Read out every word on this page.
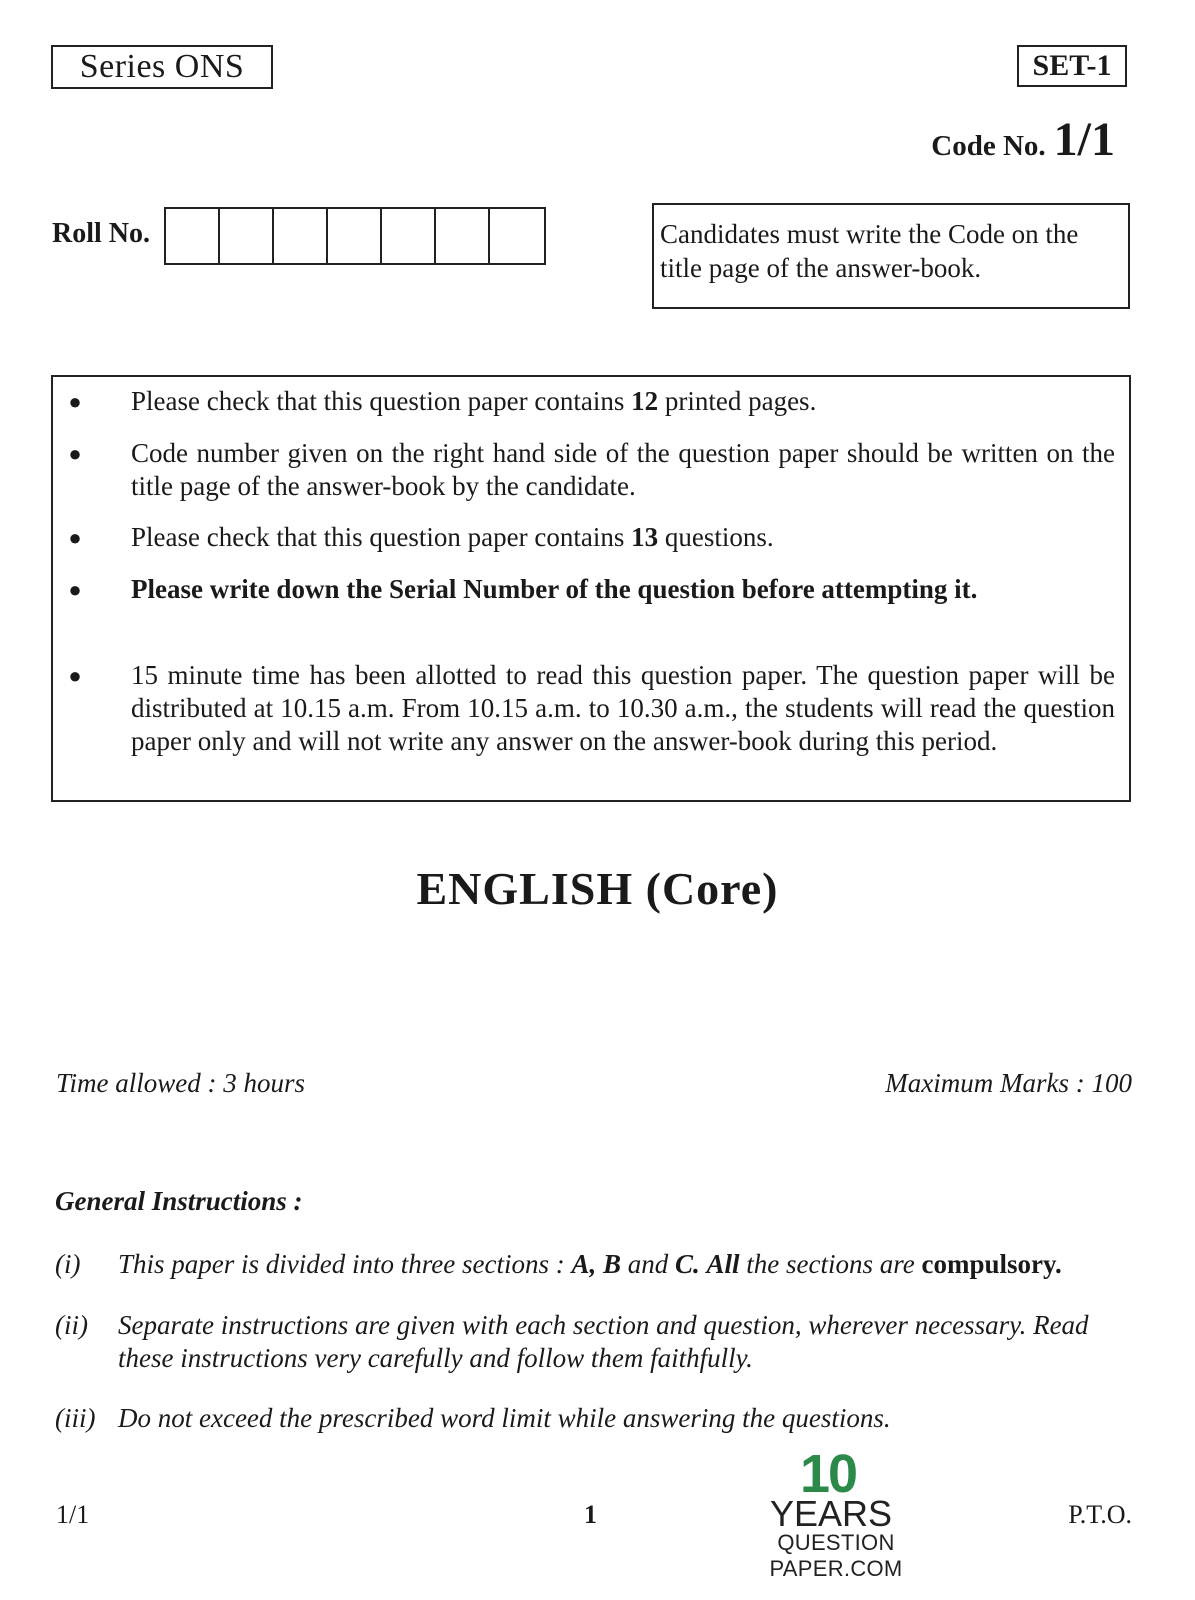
Series ONS	SET-1
Code No. 1/1
Roll No.	Candidates must write the Code on the title page of the answer-book.
● Please check that this question paper contains 12 printed pages.
● Code number given on the right hand side of the question paper should be written on the title page of the answer-book by the candidate.
● Please check that this question paper contains 13 questions.
● Please write down the Serial Number of the question before attempting it.
● 15 minute time has been allotted to read this question paper. The question paper will be distributed at 10.15 a.m. From 10.15 a.m. to 10.30 a.m., the students will read the question paper only and will not write any answer on the answer-book during this period.
ENGLISH (Core)
Time allowed : 3 hours	Maximum Marks : 100
General Instructions :
(i) This paper is divided into three sections : A, B and C. All the sections are compulsory.
(ii) Separate instructions are given with each section and question, wherever necessary. Read these instructions very carefully and follow them faithfully.
(iii) Do not exceed the prescribed word limit while answering the questions.
1/1	1	P.T.O.
10
YEARS
QUESTION PAPER.COM
